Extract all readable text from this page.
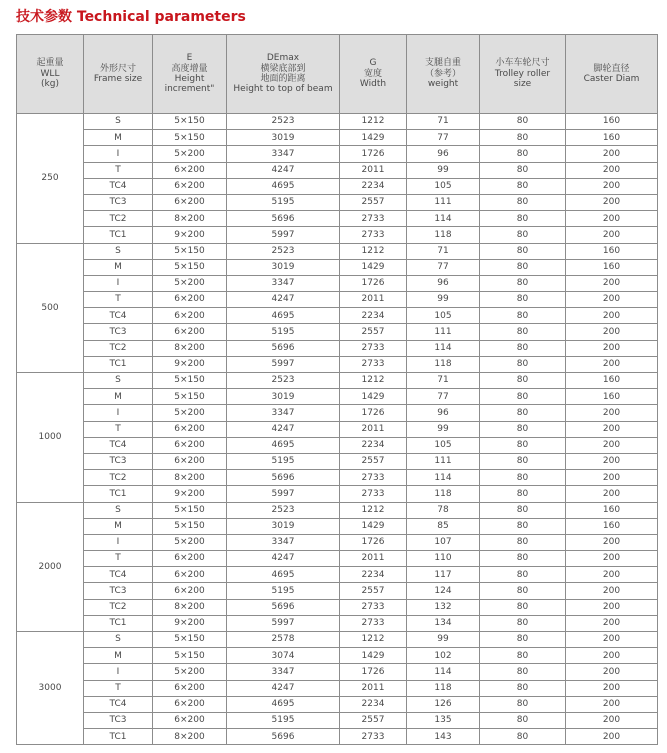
技术参数 Technical parameters
起重量
WLL
(kg)	外形尺寸
Frame size	E
高度增量
Height
increment"	DEmax
横梁底部到
地面的距离
Height to top of beam	G
宽度
Width	支腿自重
（参考）
weight	小车车轮尺寸
Trolley roller
size	脚轮直径
Caster Diam

250	S	5×150	2523	1212	71	80	160
	M	5×150	3019	1429	77	80	160
	I	5×200	3347	1726	96	80	200
	T	6×200	4247	2011	99	80	200
	TC4	6×200	4695	2234	105	80	200
	TC3	6×200	5195	2557	111	80	200
	TC2	8×200	5696	2733	114	80	200
	TC1	9×200	5997	2733	118	80	200
500	S	5×150	2523	1212	71	80	160
	M	5×150	3019	1429	77	80	160
	I	5×200	3347	1726	96	80	200
	T	6×200	4247	2011	99	80	200
	TC4	6×200	4695	2234	105	80	200
	TC3	6×200	5195	2557	111	80	200
	TC2	8×200	5696	2733	114	80	200
	TC1	9×200	5997	2733	118	80	200
1000	S	5×150	2523	1212	71	80	160
	M	5×150	3019	1429	77	80	160
	I	5×200	3347	1726	96	80	200
	T	6×200	4247	2011	99	80	200
	TC4	6×200	4695	2234	105	80	200
	TC3	6×200	5195	2557	111	80	200
	TC2	8×200	5696	2733	114	80	200
	TC1	9×200	5997	2733	118	80	200
2000	S	5×150	2523	1212	78	80	160
	M	5×150	3019	1429	85	80	160
	I	5×200	3347	1726	107	80	200
	T	6×200	4247	2011	110	80	200
	TC4	6×200	4695	2234	117	80	200
	TC3	6×200	5195	2557	124	80	200
	TC2	8×200	5696	2733	132	80	200
	TC1	9×200	5997	2733	134	80	200
3000	S	5×150	2578	1212	99	80	200
	M	5×150	3074	1429	102	80	200
	I	5×200	3347	1726	114	80	200
	T	6×200	4247	2011	118	80	200
	TC4	6×200	4695	2234	126	80	200
	TC3	6×200	5195	2557	135	80	200
	TC1	8×200	5696	2733	143	80	200
